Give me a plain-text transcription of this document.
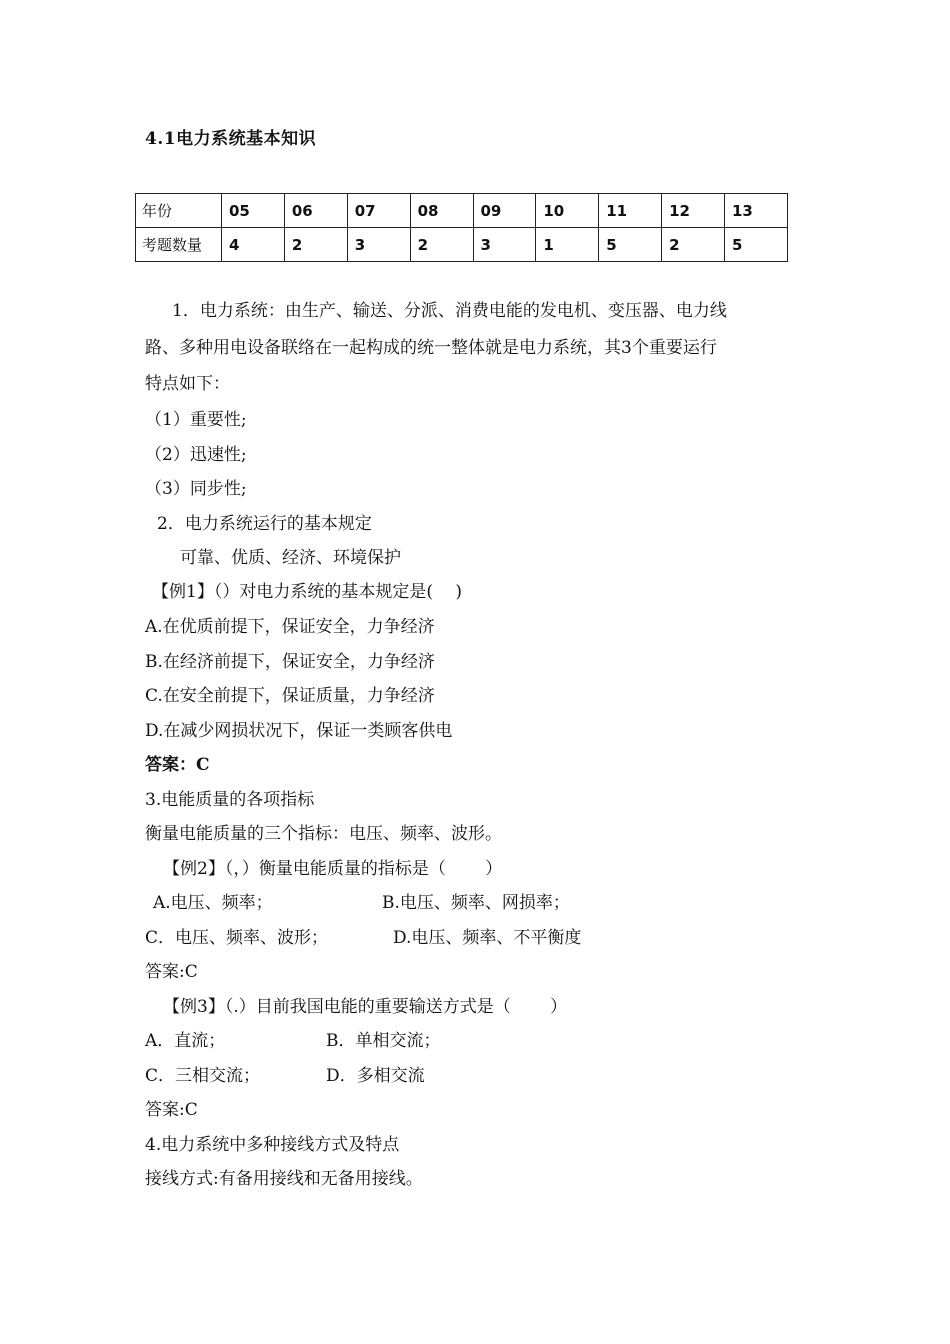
4.1电力系统基本知识
年份	05	06	07	08	09	10	11	12	13
考题数量	4	2	3	2	3	1	5	2	5
1．电力系统：由生产、输送、分派、消费电能的发电机、变压器、电力线
路、多种用电设备联络在一起构成的统一整体就是电力系统，其3个重要运行
特点如下：
（1）重要性;
（2）迅速性;
（3）同步性;
2．电力系统运行的基本规定
可靠、优质、经济、环境保护
【例1】（）对电力系统的基本规定是(　 )
A.在优质前提下，保证安全，力争经济
B.在经济前提下，保证安全，力争经济
C.在安全前提下，保证质量，力争经济
D.在减少网损状况下，保证一类顾客供电
答案：C
3.电能质量的各项指标
衡量电能质量的三个指标：电压、频率、波形。
【例2】（，）衡量电能质量的指标是（　　 ）
A.电压、频率；	B.电压、频率、网损率；
C．电压、频率、波形；	D.电压、频率、不平衡度
答案:C
【例3】（.）目前我国电能的重要输送方式是（　　 ）
A．直流；	B．单相交流；
C．三相交流；	D．多相交流
答案:C
4.电力系统中多种接线方式及特点
接线方式:有备用接线和无备用接线。
